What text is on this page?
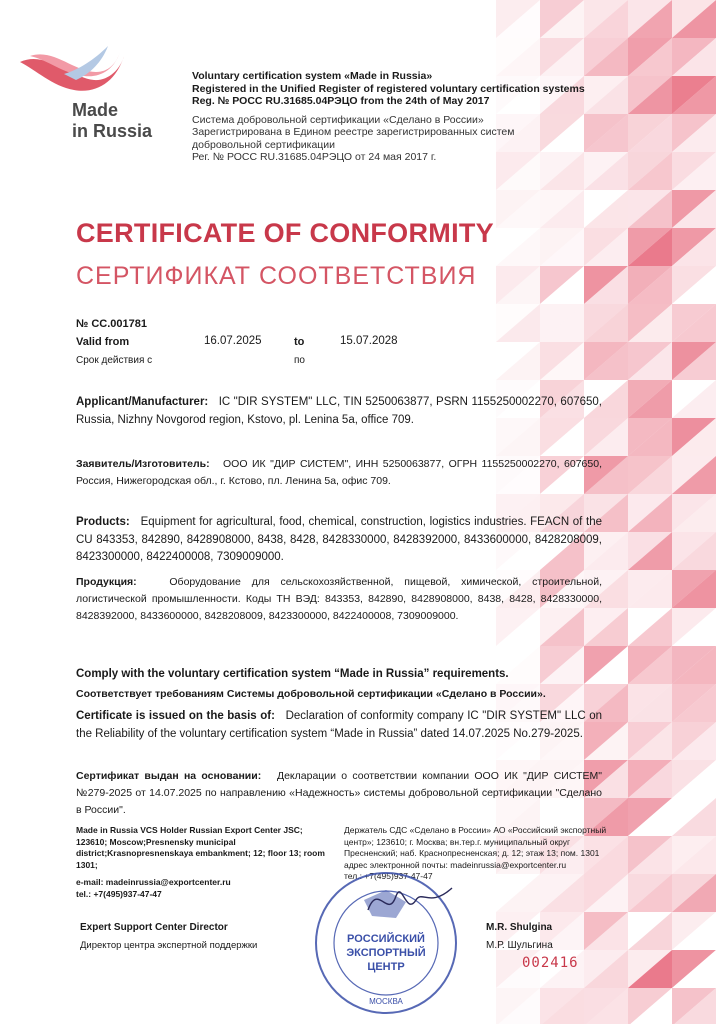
Made
in Russia
Voluntary certification system «Made in Russia»
Registered in the Unified Register of registered voluntary certification systems
Reg. № РОСС RU.31685.04РЭЦО from the 24th of May 2017
Система добровольной сертификации «Сделано в России»
Зарегистрирована в Едином реестре зарегистрированных систем
добровольной сертификации
Рег. № РОСС RU.31685.04РЭЦО от 24 мая 2017 г.
CERTIFICATE OF CONFORMITY
СЕРТИФИКАТ СООТВЕТСТВИЯ
№ CC.001781
Valid from
Срок действия с
16.07.2025	to
по
15.07.2028
Applicant/Manufacturer: IC "DIR SYSTEM" LLC, TIN 5250063877, PSRN 1155250002270, 607650, Russia, Nizhny Novgorod region, Kstovo, pl. Lenina 5a, office 709.
Заявитель/Изготовитель: ООО ИК "ДИР СИСТЕМ", ИНН 5250063877, ОГРН 1155250002270, 607650, Россия, Нижегородская обл., г. Кстово, пл. Ленина 5а, офис 709.
Products: Equipment for agricultural, food, chemical, construction, logistics industries. FEACN of the CU 843353, 842890, 8428908000, 8438, 8428, 8428330000, 8428392000, 8433600000, 8428208009, 8423300000, 8422400008, 7309009000.
Продукция:	Оборудование для сельскохозяйственной, пищевой, химической, строительной, логистической промышленности. Коды ТН ВЭД: 843353, 842890, 8428908000, 8438, 8428, 8428330000, 8428392000, 8433600000, 8428208009, 8423300000, 8422400008, 7309009000.
Comply with the voluntary certification system “Made in Russia” requirements.
Соответствует требованиям Системы добровольной сертификации «Сделано в России».
Certificate is issued on the basis of: Declaration of conformity company IC "DIR SYSTEM" LLC on the Reliability of the voluntary certification system “Made in Russia” dated 14.07.2025 No.279-2025.
Сертификат выдан на основании: Декларации о соответствии компании ООО ИК "ДИР СИСТЕМ" №279-2025 от 14.07.2025 по направлению «Надежность» системы добровольной сертификации "Сделано в России".
Made in Russia VCS Holder Russian Export Center JSC;
123610; Moscow;Presnensky municipal
district;Krasnopresnenskaya embankment; 12; floor 13; room
1301;
e-mail: madeinrussia@exportcenter.ru
tel.: +7(495)937-47-47
Держатель СДС «Сделано в России» АО «Российский экспортный
центр»; 123610; г. Москва; вн.тер.г. муниципальный округ
Пресненский; наб. Краснопресненская; д. 12; этаж 13; пом. 1301
адрес электронной почты: madeinrussia@exportcenter.ru
тел.: +7(495)937-47-47
РОССИЙСКИЙ
ЭКСПОРТНЫЙ
ЦЕНТР
МОСКВА
Expert Support Center Director
Директор центра экспертной поддержки
M.R. Shulgina
М.Р. Шульгина
002416
